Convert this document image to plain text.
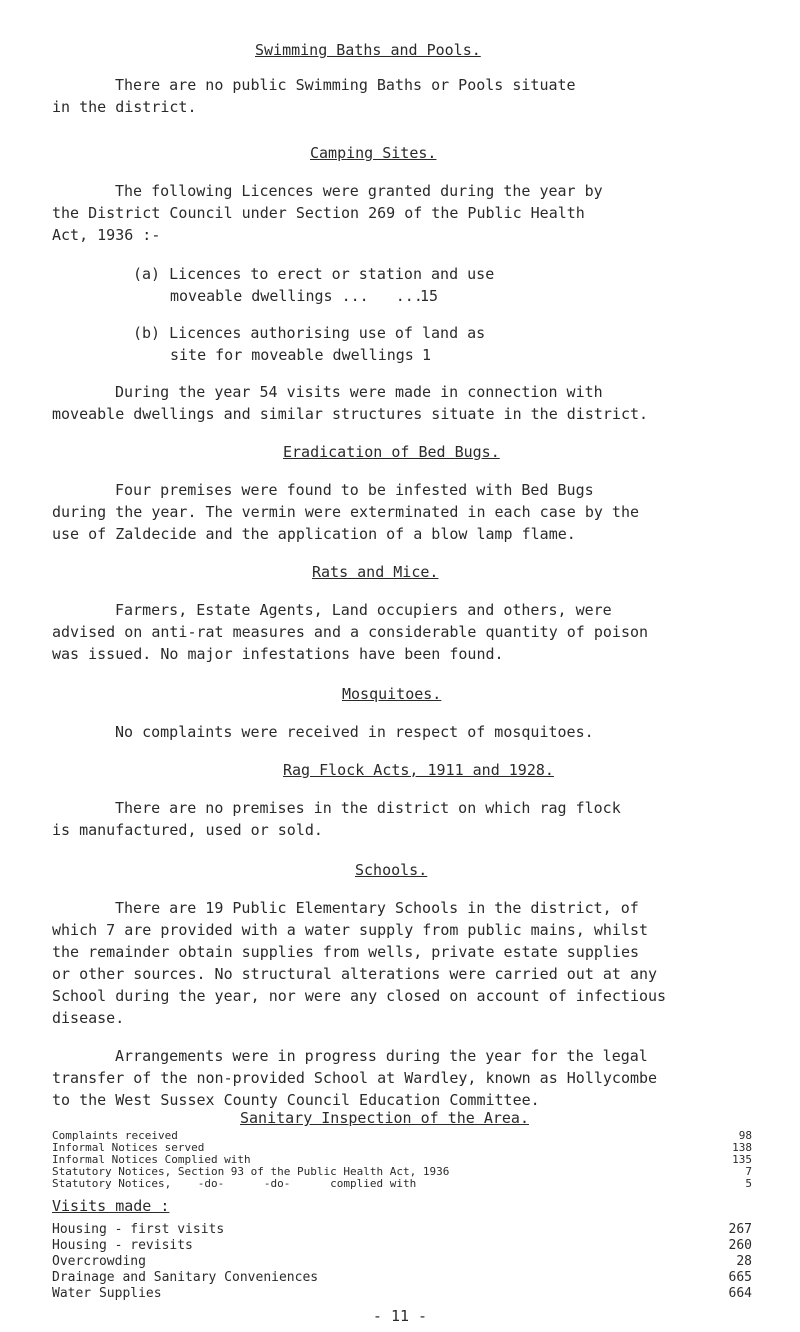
Swimming Baths and Pools.
There are no public Swimming Baths or Pools situate
in the district.
Camping Sites.
The following Licences were granted during the year by
the District Council under Section 269 of the Public Health
Act, 1936 :-
(a) Licences to erect or station and use
moveable dwellings ...   ...
15
(b) Licences authorising use of land as
site for moveable dwellings 1
During the year 54 visits were made in connection with
moveable dwellings and similar structures situate in the district.
Eradication of Bed Bugs.
Four premises were found to be infested with Bed Bugs
during the year. The vermin were exterminated in each case by the
use of Zaldecide and the application of a blow lamp flame.
Rats and Mice.
Farmers, Estate Agents, Land occupiers and others, were
advised on anti-rat measures and a considerable quantity of poison
was issued. No major infestations have been found.
Mosquitoes.
No complaints were received in respect of mosquitoes.
Rag Flock Acts, 1911 and 1928.
There are no premises in the district on which rag flock
is manufactured, used or sold.
Schools.
There are 19 Public Elementary Schools in the district, of
which 7 are provided with a water supply from public mains, whilst
the remainder obtain supplies from wells, private estate supplies
or other sources. No structural alterations were carried out at any
School during the year, nor were any closed on account of infectious
disease.
Arrangements were in progress during the year for the legal
transfer of the non-provided School at Wardley, known as Hollycombe
to the West Sussex County Council Education Committee.
Sanitary Inspection of the Area.
Complaints received	98
Informal Notices served	138
Informal Notices Complied with	135
Statutory Notices, Section 93 of the Public Health Act, 1936	7
Statutory Notices,    -do-      -do-      complied with	5
Visits made :
Housing - first visits	267
Housing - revisits	260
Overcrowding	28
Drainage and Sanitary Conveniences	665
Water Supplies	664
- 11 -
